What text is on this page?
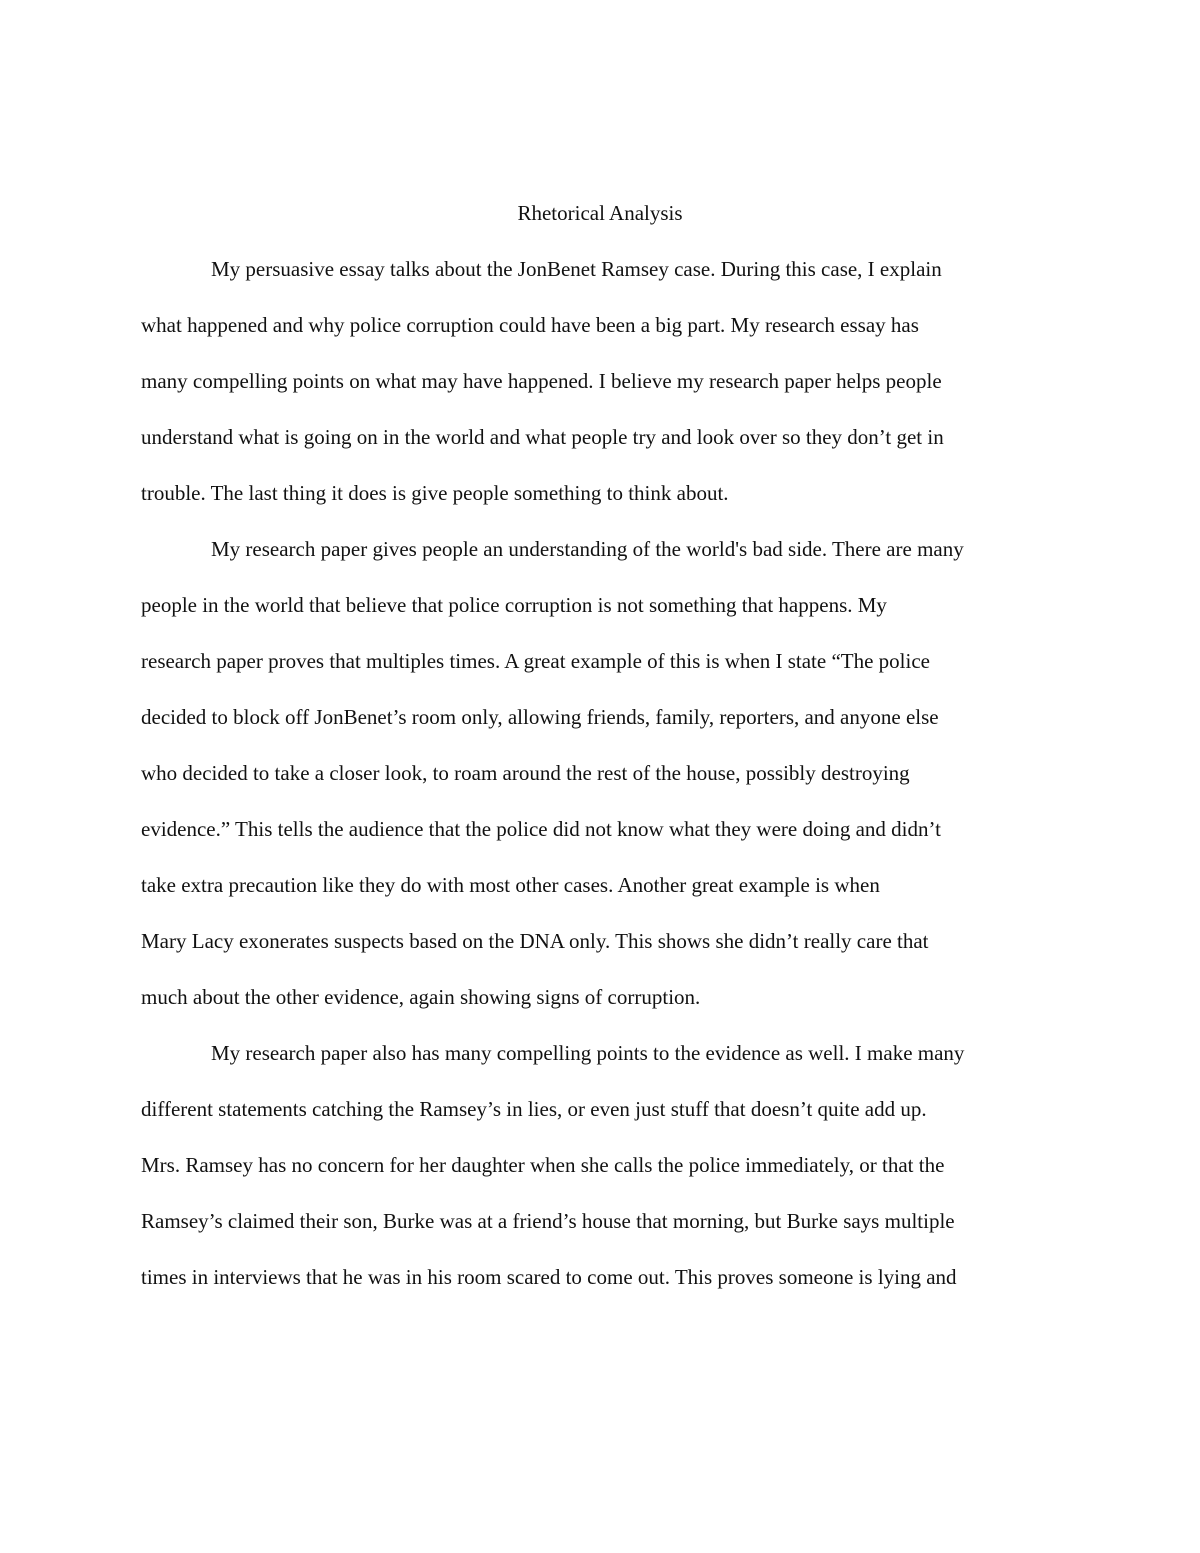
Rhetorical Analysis

My persuasive essay talks about the JonBenet Ramsey case. During this case, I explain

what happened and why police corruption could have been a big part. My research essay has

many compelling points on what may have happened. I believe my research paper helps people

understand what is going on in the world and what people try and look over so they don’t get in

trouble. The last thing it does is give people something to think about.

My research paper gives people an understanding of the world's bad side. There are many

people in the world that believe that police corruption is not something that happens. My

research paper proves that multiples times. A great example of this is when I state “The police

decided to block off JonBenet’s room only, allowing friends, family, reporters, and anyone else

who decided to take a closer look, to roam around the rest of the house, possibly destroying

evidence.” This tells the audience that the police did not know what they were doing and didn’t

take extra precaution like they do with most other cases. Another great example is when

Mary Lacy exonerates suspects based on the DNA only. This shows she didn’t really care that

much about the other evidence, again showing signs of corruption.

My research paper also has many compelling points to the evidence as well. I make many

different statements catching the Ramsey’s in lies, or even just stuff that doesn’t quite add up.

Mrs. Ramsey has no concern for her daughter when she calls the police immediately, or that the

Ramsey’s claimed their son, Burke was at a friend’s house that morning, but Burke says multiple

times in interviews that he was in his room scared to come out. This proves someone is lying and
